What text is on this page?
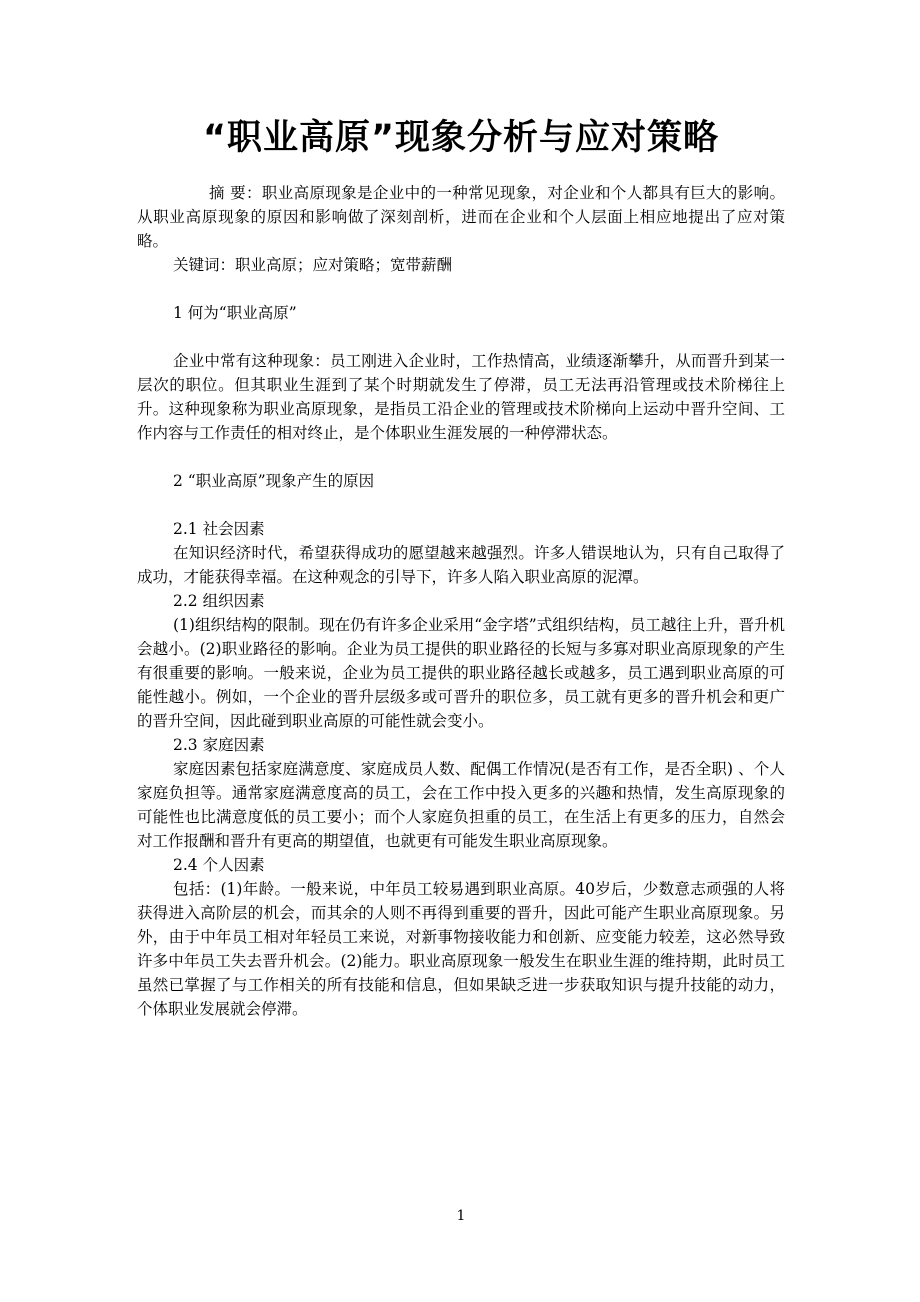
“职业高原”现象分析与应对策略

摘 要：职业高原现象是企业中的一种常见现象，对企业和个人都具有巨大的影响。从职业高原现象的原因和影响做了深刻剖析，进而在企业和个人层面上相应地提出了应对策略。

关键词：职业高原；应对策略；宽带薪酬

1 何为“职业高原”

企业中常有这种现象：员工刚进入企业时，工作热情高，业绩逐渐攀升，从而晋升到某一层次的职位。但其职业生涯到了某个时期就发生了停滞，员工无法再沿管理或技术阶梯往上升。这种现象称为职业高原现象，是指员工沿企业的管理或技术阶梯向上运动中晋升空间、工作内容与工作责任的相对终止，是个体职业生涯发展的一种停滞状态。

2 “职业高原”现象产生的原因

2.1 社会因素

在知识经济时代，希望获得成功的愿望越来越强烈。许多人错误地认为，只有自己取得了成功，才能获得幸福。在这种观念的引导下，许多人陷入职业高原的泥潭。

2.2 组织因素

(1)组织结构的限制。现在仍有许多企业采用“金字塔”式组织结构，员工越往上升，晋升机会越小。(2)职业路径的影响。企业为员工提供的职业路径的长短与多寡对职业高原现象的产生有很重要的影响。一般来说，企业为员工提供的职业路径越长或越多，员工遇到职业高原的可能性越小。例如，一个企业的晋升层级多或可晋升的职位多，员工就有更多的晋升机会和更广的晋升空间，因此碰到职业高原的可能性就会变小。

2.3 家庭因素

家庭因素包括家庭满意度、家庭成员人数、配偶工作情况(是否有工作，是否全职) 、个人家庭负担等。通常家庭满意度高的员工，会在工作中投入更多的兴趣和热情，发生高原现象的可能性也比满意度低的员工要小；而个人家庭负担重的员工，在生活上有更多的压力，自然会对工作报酬和晋升有更高的期望值，也就更有可能发生职业高原现象。

2.4 个人因素

包括：(1)年龄。一般来说，中年员工较易遇到职业高原。40岁后，少数意志顽强的人将获得进入高阶层的机会，而其余的人则不再得到重要的晋升，因此可能产生职业高原现象。另外，由于中年员工相对年轻员工来说，对新事物接收能力和创新、应变能力较差，这必然导致许多中年员工失去晋升机会。(2)能力。职业高原现象一般发生在职业生涯的维持期，此时员工虽然已掌握了与工作相关的所有技能和信息，但如果缺乏进一步获取知识与提升技能的动力，个体职业发展就会停滞。

1
